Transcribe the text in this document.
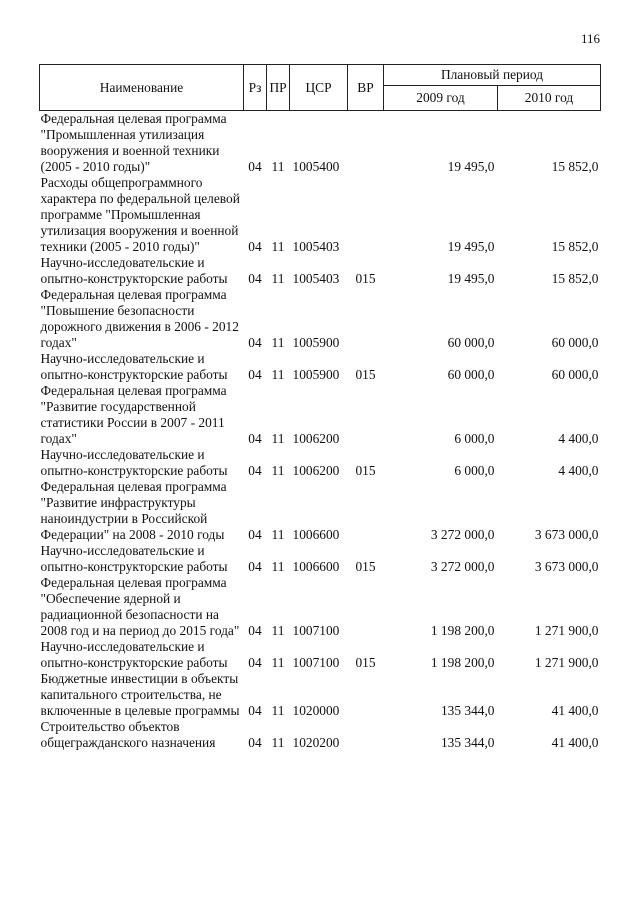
116
Наименование	Рз	ПР	ЦСР	ВР	Плановый период	
					2009 год	2010 год
Федеральная целевая программа "Промышленная утилизация вооружения и военной техники (2005 - 2010 годы)"	04	11	1005400		19 495,0	15 852,0
Расходы общепрограммного характера по федеральной целевой программе "Промышленная утилизация вооружения и военной техники (2005 - 2010 годы)"	04	11	1005403		19 495,0	15 852,0
Научно-исследовательские и опытно-конструкторские работы	04	11	1005403	015	19 495,0	15 852,0
Федеральная целевая программа "Повышение безопасности дорожного движения в 2006 - 2012 годах"	04	11	1005900		60 000,0	60 000,0
Научно-исследовательские и опытно-конструкторские работы	04	11	1005900	015	60 000,0	60 000,0
Федеральная целевая программа "Развитие государственной статистики России в 2007 - 2011 годах"	04	11	1006200		6 000,0	4 400,0
Научно-исследовательские и опытно-конструкторские работы	04	11	1006200	015	6 000,0	4 400,0
Федеральная целевая программа "Развитие инфраструктуры наноиндустрии в Российской Федерации" на 2008 - 2010 годы	04	11	1006600		3 272 000,0	3 673 000,0
Научно-исследовательские и опытно-конструкторские работы	04	11	1006600	015	3 272 000,0	3 673 000,0
Федеральная целевая программа "Обеспечение ядерной и радиационной безопасности на 2008 год и на период до 2015 года"	04	11	1007100		1 198 200,0	1 271 900,0
Научно-исследовательские и опытно-конструкторские работы	04	11	1007100	015	1 198 200,0	1 271 900,0
Бюджетные инвестиции в объекты капитального строительства, не включенные в целевые программы	04	11	1020000		135 344,0	41 400,0
Строительство объектов общегражданского назначения	04	11	1020200		135 344,0	41 400,0
